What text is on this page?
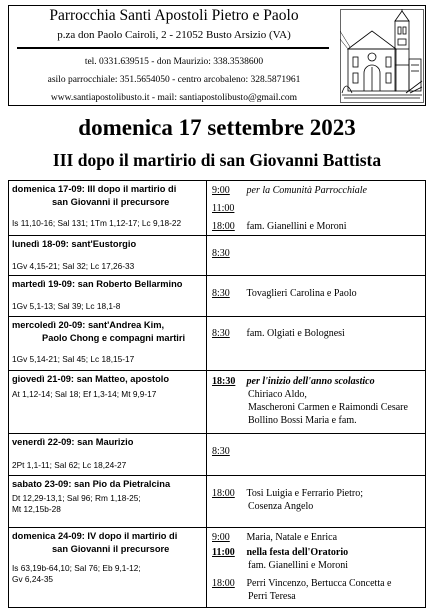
Parrocchia Santi Apostoli Pietro e Paolo
p.za don Paolo Cairoli, 2 - 21052 Busto Arsizio (VA)
tel. 0331.639515 - don Maurizio: 338.3538600
asilo parrocchiale: 351.5654050 - centro arcobaleno: 328.5871961
www.santiapostolibusto.it - mail: santiapostolibusto@gmail.com
domenica 17 settembre 2023
III dopo il martirio di san Giovanni Battista
domenica 17-09: III dopo il martirio di
san Giovanni il precursore
Is 11,10-16; Sal 131; 1Tm 1,12-17; Lc 9,18-22
9:00 per la Comunità Parrocchiale
11:00
18:00 fam. Gianellini e Moroni
lunedì 18-09: sant'Eustorgio
1Gv 4,15-21; Sal 32; Lc 17,26-33
8:30
martedì 19-09: san Roberto Bellarmino
1Gv 5,1-13; Sal 39; Lc 18,1-8
8:30 Tovaglieri Carolina e Paolo
mercoledì 20-09: sant'Andrea Kim,
Paolo Chong e compagni martiri
1Gv 5,14-21; Sal 45; Lc 18,15-17
8:30 fam. Olgiati e Bolognesi
giovedì 21-09: san Matteo, apostolo
At 1,12-14; Sal 18; Ef 1,3-14; Mt 9,9-17
18:30 per l'inizio dell'anno scolastico
Chiriaco Aldo,
Mascheroni Carmen e Raimondi Cesare
Bollino Bossi Maria e fam.
venerdì 22-09: san Maurizio
2Pt 1,1-11; Sal 62; Lc 18,24-27
8:30
sabato 23-09: san Pio da Pietralcina
Dt 12,29-13,1; Sal 96; Rm 1,18-25;
Mt 12,15b-28
18:00 Tosi Luigia e Ferrario Pietro;
Cosenza Angelo
domenica 24-09: IV dopo il martirio di
san Giovanni il precursore
Is 63,19b-64,10; Sal 76; Eb 9,1-12;
Gv 6,24-35
9:00 Maria, Natale e Enrica
11:00 nella festa dell'Oratorio
fam. Gianellini e Moroni
18:00 Perri Vincenzo, Bertucca Concetta e
Perri Teresa
